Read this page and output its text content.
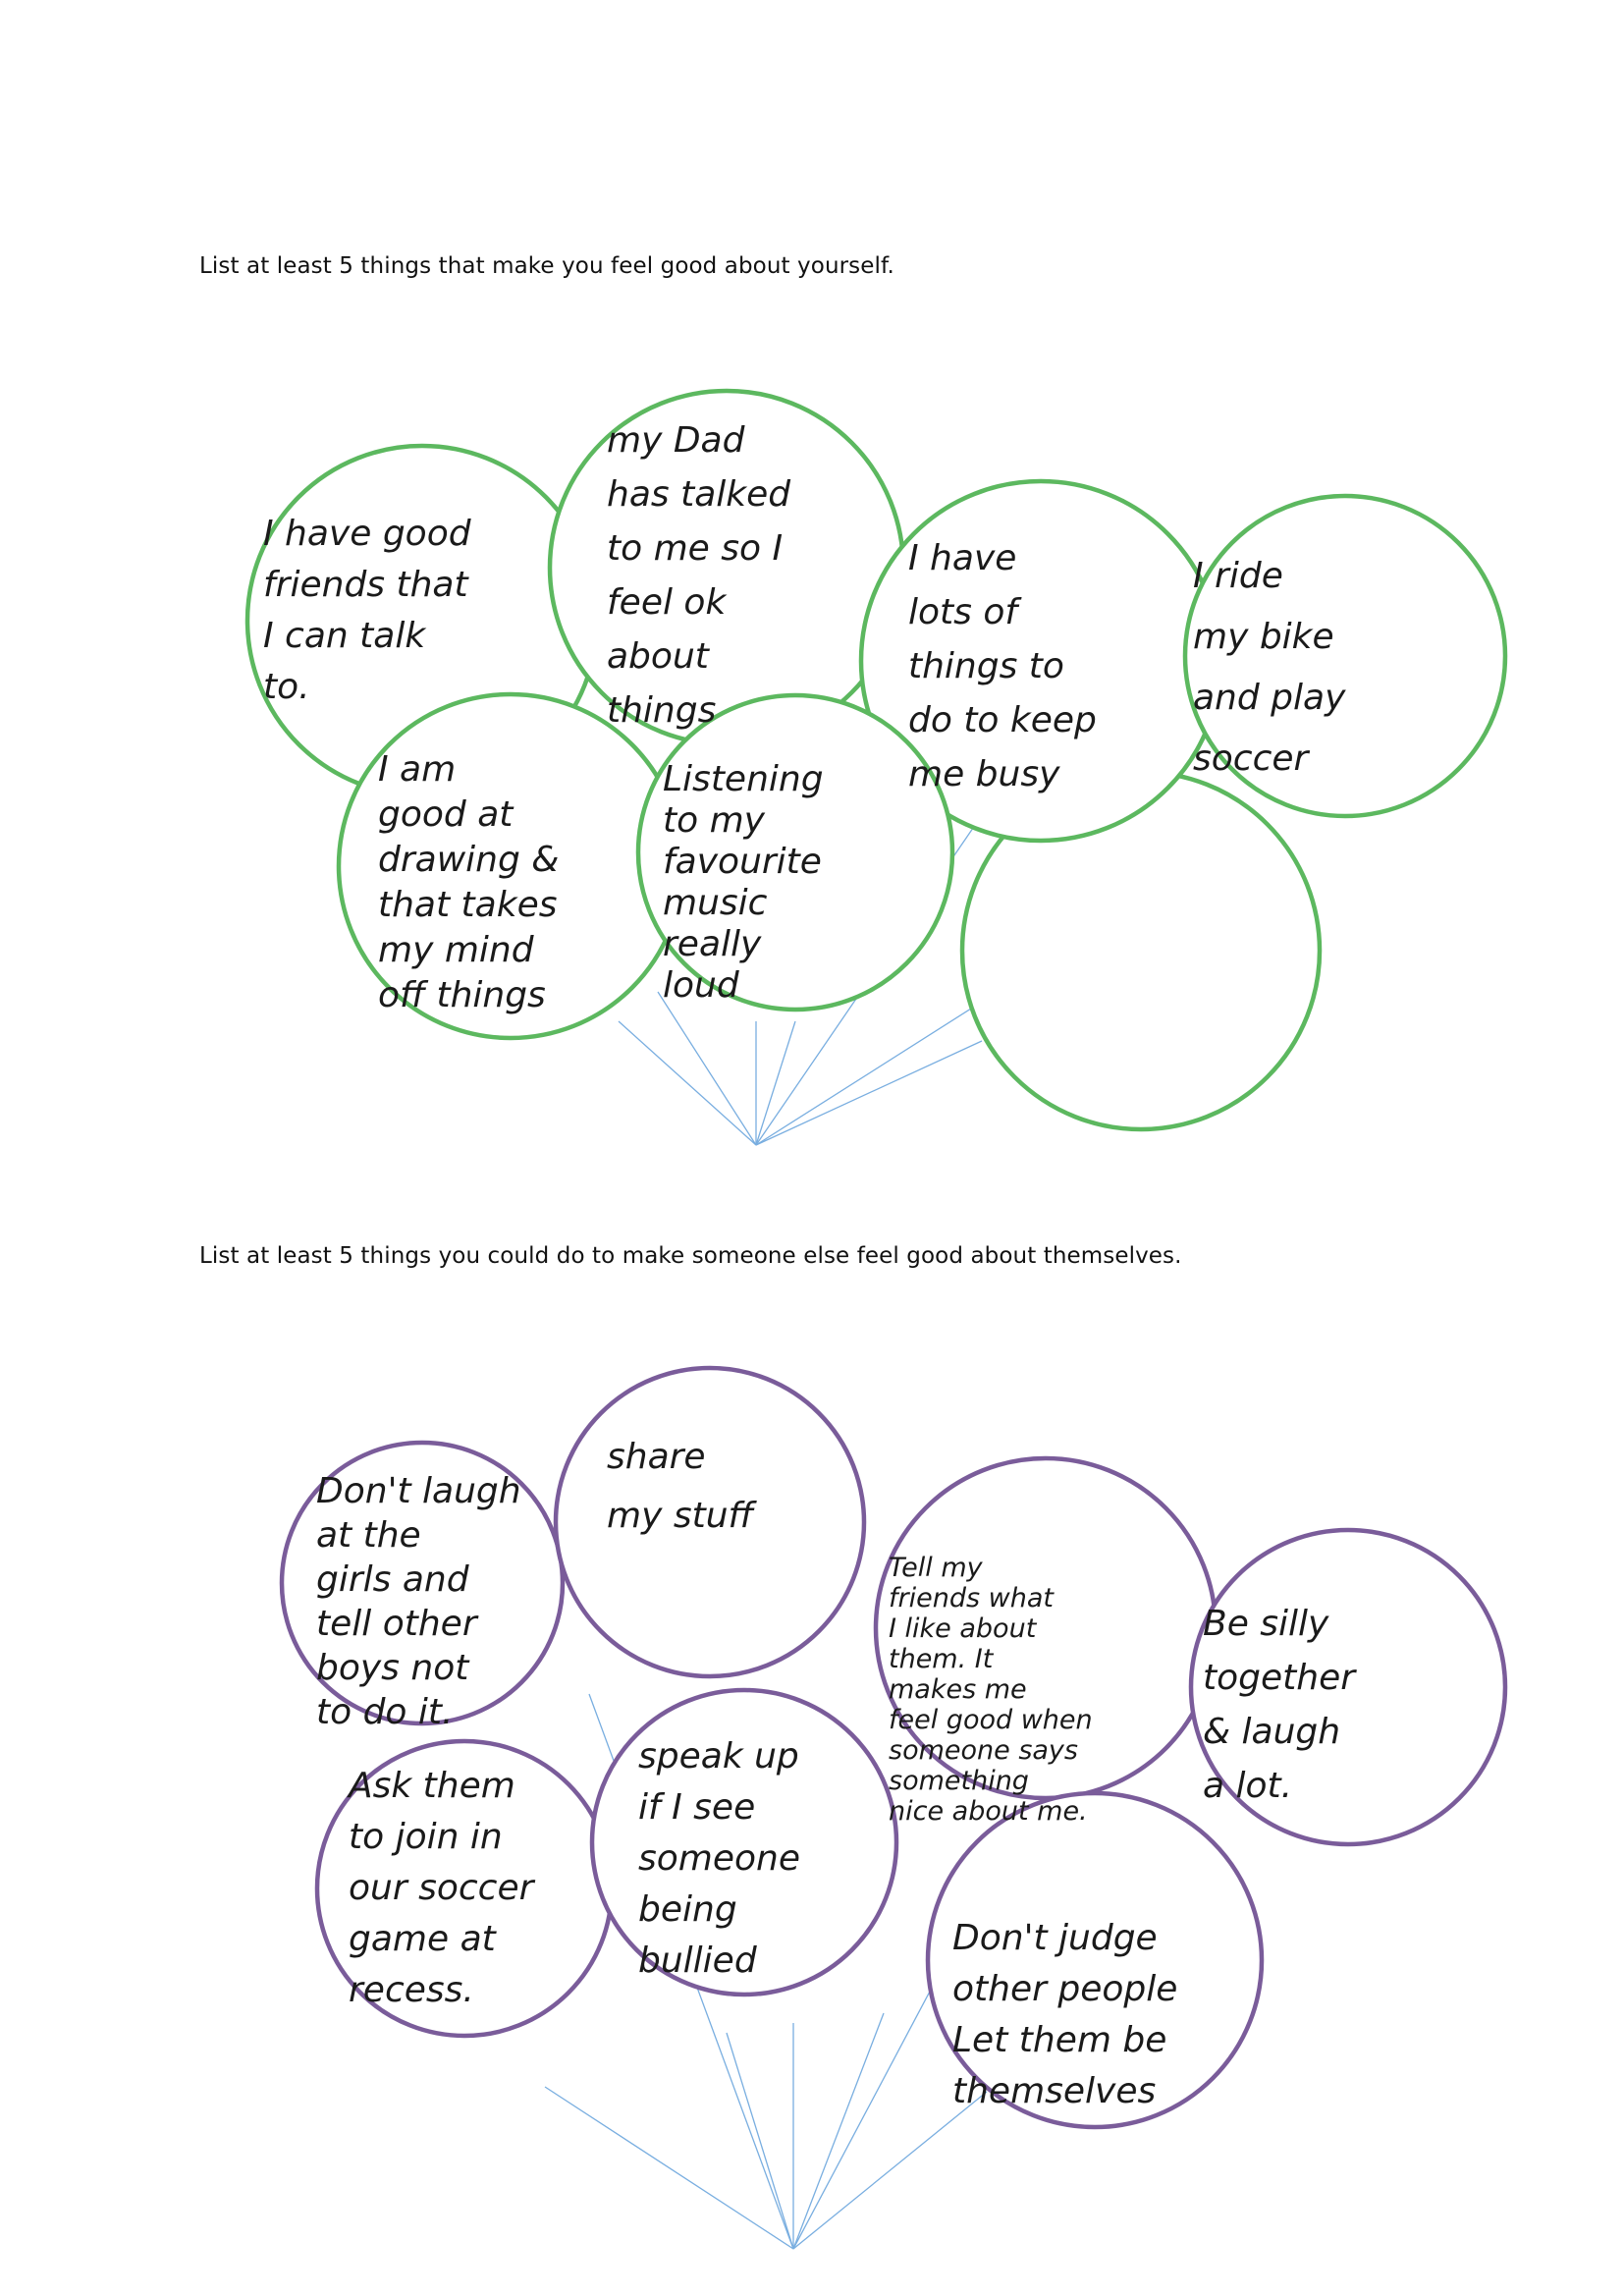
List at least 5 things that make you feel good about yourself.
List at least 5 things you could do to make someone else feel good about themselves.
I have good friends that I can talk to.
my Dad has talked to me so I feel ok about things
I have lots of things to do to keep me busy
I ride my bike and play soccer
I am good at drawing & that takes my mind off things
Listening to my favourite music really loud
Don't laugh at the girls and tell other boys not to do it.
share my stuff
Tell my friends what I like about them. It makes me feel good when someone says something nice about me.
Be silly together & laugh a lot.
Ask them to join in our soccer game at recess.
speak up if I see someone being bullied
Don't judge other people Let them be themselves
